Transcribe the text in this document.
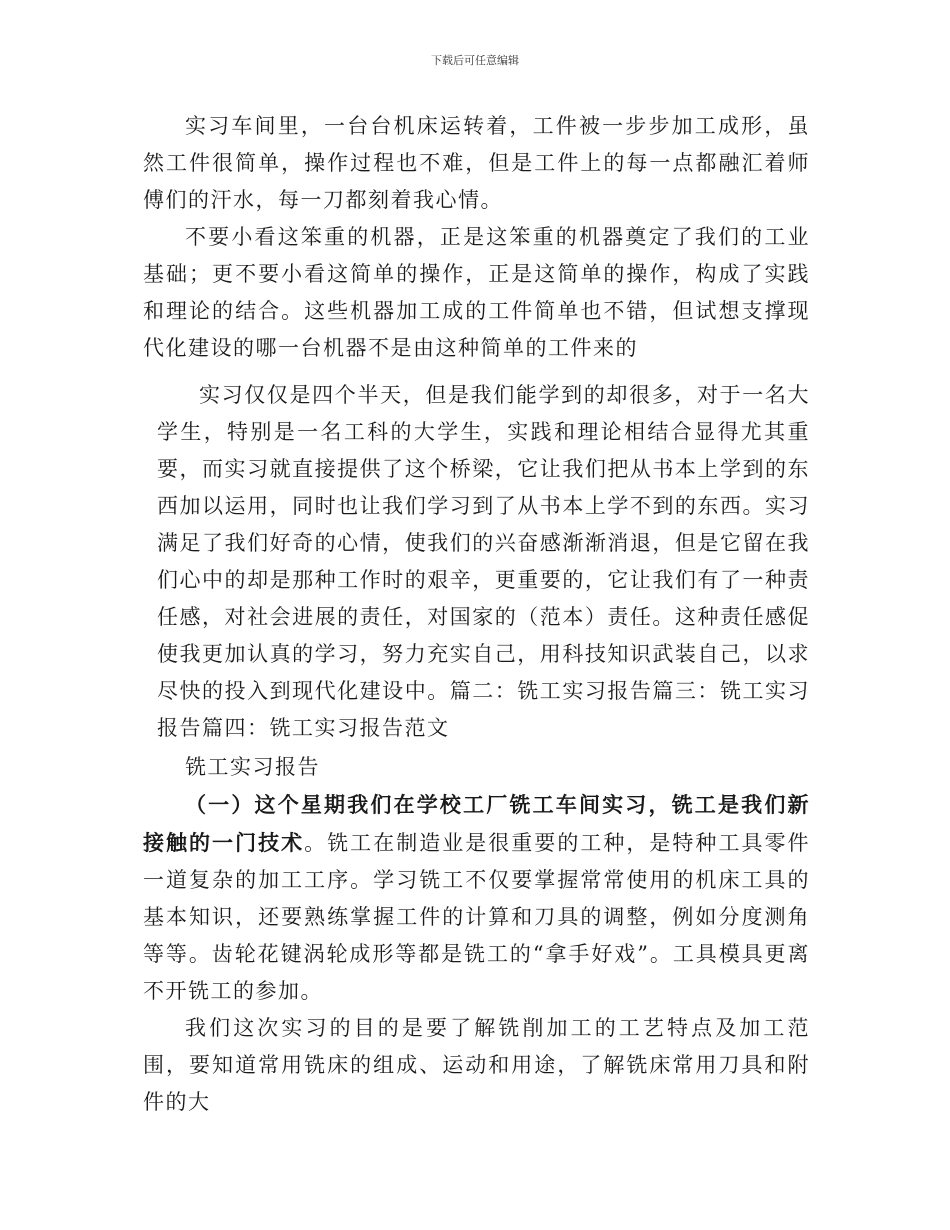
下载后可任意编辑

实习车间里，一台台机床运转着，工件被一步步加工成形，虽然工件很简单，操作过程也不难，但是工件上的每一点都融汇着师傅们的汗水，每一刀都刻着我心情。

不要小看这笨重的机器，正是这笨重的机器奠定了我们的工业基础；更不要小看这简单的操作，正是这简单的操作，构成了实践和理论的结合。这些机器加工成的工件简单也不错，但试想支撑现代化建设的哪一台机器不是由这种简单的工件来的

实习仅仅是四个半天，但是我们能学到的却很多，对于一名大学生，特别是一名工科的大学生，实践和理论相结合显得尤其重要，而实习就直接提供了这个桥梁，它让我们把从书本上学到的东西加以运用，同时也让我们学习到了从书本上学不到的东西。实习满足了我们好奇的心情，使我们的兴奋感渐渐消退，但是它留在我们心中的却是那种工作时的艰辛，更重要的，它让我们有了一种责任感，对社会进展的责任，对国家的（范本）责任。这种责任感促使我更加认真的学习，努力充实自己，用科技知识武装自己，以求尽快的投入到现代化建设中。篇二：铣工实习报告篇三：铣工实习报告篇四：铣工实习报告范文

铣工实习报告

（一）这个星期我们在学校工厂铣工车间实习，铣工是我们新接触的一门技术。铣工在制造业是很重要的工种，是特种工具零件一道复杂的加工工序。学习铣工不仅要掌握常常使用的机床工具的基本知识，还要熟练掌握工件的计算和刀具的调整，例如分度测角等等。齿轮花键涡轮成形等都是铣工的“拿手好戏”。工具模具更离不开铣工的参加。

我们这次实习的目的是要了解铣削加工的工艺特点及加工范围，要知道常用铣床的组成、运动和用途，了解铣床常用刀具和附件的大
